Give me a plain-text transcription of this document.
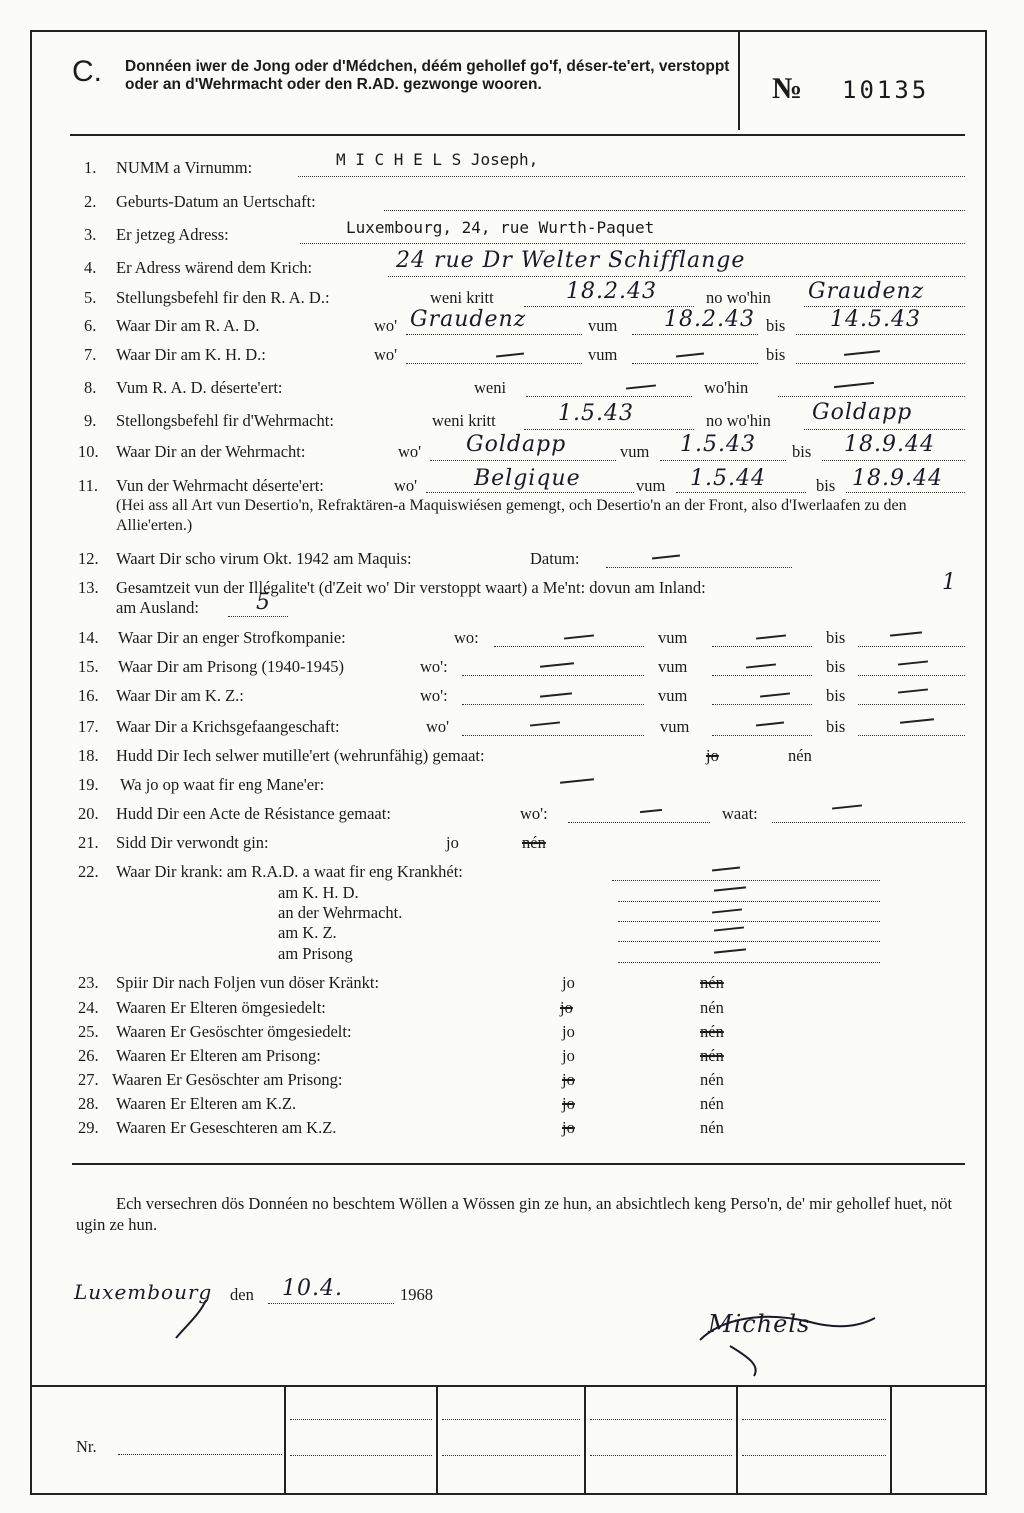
C. Donnéen iwer de Jong oder d'Médchen, déém gehollef go'f, déser-te'ert, verstoppt oder an d'Wehrmacht oder den R.AD. gezwonge wooren.	№ 10135
1. NUMM a Virnumm:	M I C H E L S Joseph,
2. Geburts-Datum an Uertschaft:
3. Er jetzeg Adress:	Luxembourg, 24, rue Wurth-Paquet
4. Er Adress wärend dem Krich:	24 rue Dr Welter Schifflange
5. Stellungsbefehl fir den R. A. D.:	weni kritt	18.2.43	no wo'hin Graudenz
6. Waar Dir am R. A. D.	wo' Graudenz	vum 18.2.43 bis 14.5.43
7. Waar Dir am K. H. D.:	wo'	vum	bis
8. Vum R. A. D. déserte'ert:	weni	wo'hin
9. Stellongsbefehl fir d'Wehrmacht:	weni kritt	1.5.43	no wo'hin Goldapp
10. Waar Dir an der Wehrmacht:	wo' Goldapp	vum 1.5.43 bis 18.9.44
11. Vun der Wehrmacht déserte'ert:	wo'	Belgique	vum 1.5.44	bis 18.9.44
(Hei ass all Art vun Desertio'n, Refraktären-a Maquiswiésen gemengt, och Desertio'n an der Front, also d'Iwerlaafen zu den Allie'erten.)
12. Waart Dir scho virum Okt. 1942 am Maquis:	Datum:
13. Gesamtzeit vun der Illégalite't (d'Zeit wo' Dir verstoppt waart) a Me'nt: dovun am Inland:	1
am Ausland:	5
14. Waar Dir an enger Strofkompanie:	wo:	vum	bis
15. Waar Dir am Prisong (1940-1945)	wo':	vum	bis
16. Waar Dir am K. Z.:	wo':	vum	bis
17. Waar Dir a Krichsgefaangeschaft:	wo'	vum	bis
18. Hudd Dir Iech selwer mutille'ert (wehrunfähig) gemaat:	jo	nén
19. Wa jo op waat fir eng Mane'er:
20. Hudd Dir een Acte de Résistance gemaat:	wo':	waat:
21. Sidd Dir verwondt gin:	jo	nén
22. Waar Dir krank: am R.A.D. a waat fir eng Krankhét:
am K. H. D.
an der Wehrmacht.
am K. Z.
am Prisong
23. Spiir Dir nach Foljen vun döser Kränkt:	jo	nén
24. Waaren Er Elteren ömgesiedelt:	jo	nén
25. Waaren Er Gesöschter ömgesiedelt:	jo	nén
26. Waaren Er Elteren am Prisong:	jo	nén
27. Waaren Er Gesöschter am Prisong:	jo	nén
28. Waaren Er Elteren am K.Z.	jo	nén
29. Waaren Er Geseschteren am K.Z.	jo	nén
Ech versechren dös Donnéen no beschtem Wöllen a Wössen gin ze hun, an absichtlech keng Perso'n, de' mir gehollef huet, nöt ugin ze hun.
Luxembourg den 10.4.	1968
Michels
Nr.
